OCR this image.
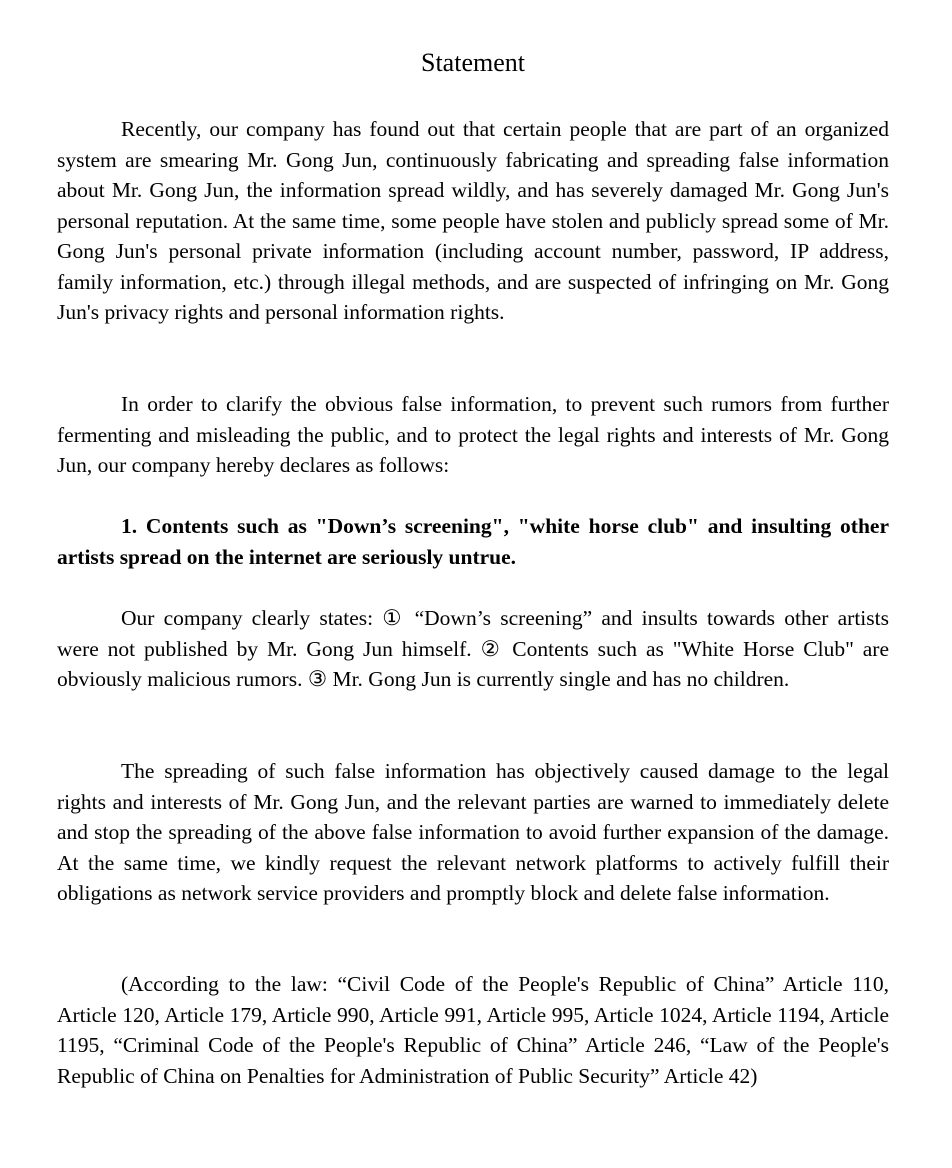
Statement

Recently, our company has found out that certain people that are part of an organized system are smearing Mr. Gong Jun, continuously fabricating and spreading false information about Mr. Gong Jun, the information spread wildly, and has severely damaged Mr. Gong Jun's personal reputation. At the same time, some people have stolen and publicly spread some of Mr. Gong Jun's personal private information (including account number, password, IP address, family information, etc.) through illegal methods, and are suspected of infringing on Mr. Gong Jun's privacy rights and personal information rights.

In order to clarify the obvious false information, to prevent such rumors from further fermenting and misleading the public, and to protect the legal rights and interests of Mr. Gong Jun, our company hereby declares as follows:

1. Contents such as "Down’s screening", "white horse club" and insulting other artists spread on the internet are seriously untrue.

Our company clearly states: ① “Down’s screening” and insults towards other artists were not published by Mr. Gong Jun himself. ② Contents such as "White Horse Club" are obviously malicious rumors. ③ Mr. Gong Jun is currently single and has no children.

The spreading of such false information has objectively caused damage to the legal rights and interests of Mr. Gong Jun, and the relevant parties are warned to immediately delete and stop the spreading of the above false information to avoid further expansion of the damage. At the same time, we kindly request the relevant network platforms to actively fulfill their obligations as network service providers and promptly block and delete false information.

(According to the law: “Civil Code of the People's Republic of China” Article 110, Article 120, Article 179, Article 990, Article 991, Article 995, Article 1024, Article 1194, Article 1195, “Criminal Code of the People's Republic of China” Article 246, “Law of the People's Republic of China on Penalties for Administration of Public Security” Article 42)
